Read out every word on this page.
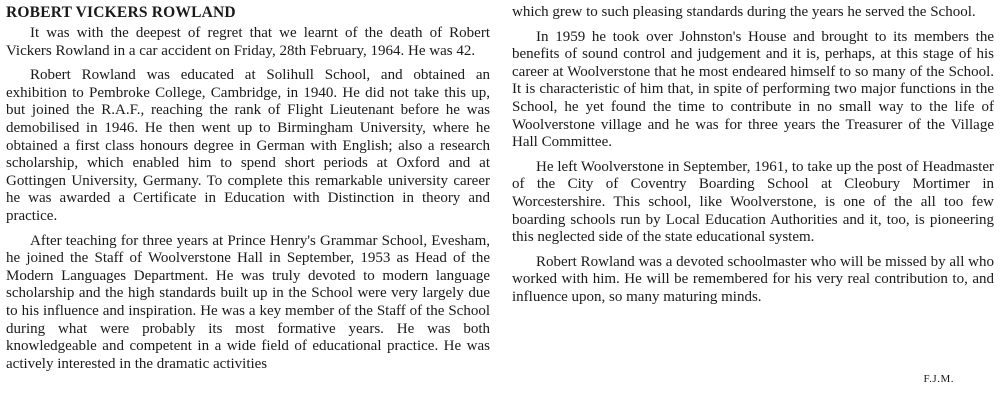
ROBERT VICKERS ROWLAND

It was with the deepest of regret that we learnt of the death of Robert Vickers Rowland in a car accident on Friday, 28th February, 1964. He was 42.

Robert Rowland was educated at Solihull School, and obtained an exhibition to Pembroke College, Cambridge, in 1940. He did not take this up, but joined the R.A.F., reaching the rank of Flight Lieutenant before he was demobilised in 1946. He then went up to Birmingham University, where he obtained a first class honours degree in German with English; also a research scholarship, which enabled him to spend short periods at Oxford and at Gottingen University, Germany. To complete this remarkable university career he was awarded a Certificate in Education with Distinction in theory and practice.

After teaching for three years at Prince Henry's Grammar School, Evesham, he joined the Staff of Woolverstone Hall in September, 1953 as Head of the Modern Languages Department. He was truly devoted to modern language scholarship and the high standards built up in the School were very largely due to his influence and inspiration. He was a key member of the Staff of the School during what were probably its most formative years. He was both knowledgeable and competent in a wide field of educational practice. He was actively interested in the dramatic activities

which grew to such pleasing standards during the years he served the School.

In 1959 he took over Johnston's House and brought to its members the benefits of sound control and judgement and it is, perhaps, at this stage of his career at Woolverstone that he most endeared himself to so many of the School. It is characteristic of him that, in spite of performing two major functions in the School, he yet found the time to contribute in no small way to the life of Woolverstone village and he was for three years the Treasurer of the Village Hall Committee.

He left Woolverstone in September, 1961, to take up the post of Headmaster of the City of Coventry Boarding School at Cleobury Mortimer in Worcestershire. This school, like Woolverstone, is one of the all too few boarding schools run by Local Education Authorities and it, too, is pioneering this neglected side of the state educational system.

Robert Rowland was a devoted schoolmaster who will be missed by all who worked with him. He will be remembered for his very real contribution to, and influence upon, so many maturing minds.

F.J.M.
